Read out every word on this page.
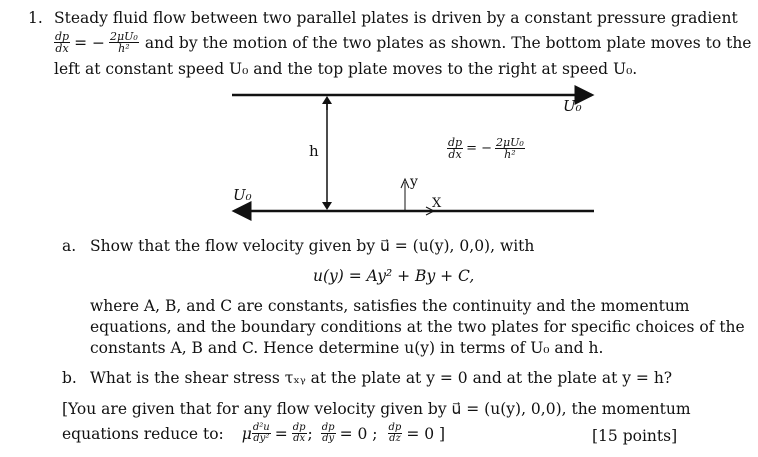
1. Steady fluid flow between two parallel plates is driven by a constant pressure gradient
$\frac{dp}{dx}$ = − $\frac{\text{2μU₀}}{\text{h²}}$ and by the motion of the two plates as shown. The bottom plate moves to the
left at constant speed U₀ and the top plate moves to the right at speed U₀.
U₀
U₀
h
y
X
$\frac{dp}{dx}$ = − $\frac{\text{2μU₀}}{\text{h²}}$
a. Show that the flow velocity given by u⃗ = (u(y), 0,0), with
u(y) = Ay² + By + C,
where A, B, and C are constants, satisfies the continuity and the momentum
equations, and the boundary conditions at the two plates for specific choices of the
constants A, B and C. Hence determine u(y) in terms of U₀ and h.
b. What is the shear stress τₓᵧ at the plate at y = 0 and at the plate at y = h?
[You are given that for any flow velocity given by u⃗ = (u(y), 0,0), the momentum
equations reduce to: μ $\frac{\text{d²u}}{\text{dy²}} = \frac{dp}{dx}$ ; $\frac{dp}{dy} = 0$ ; $\frac{dp}{dz} = 0$ ]	[15 points]
